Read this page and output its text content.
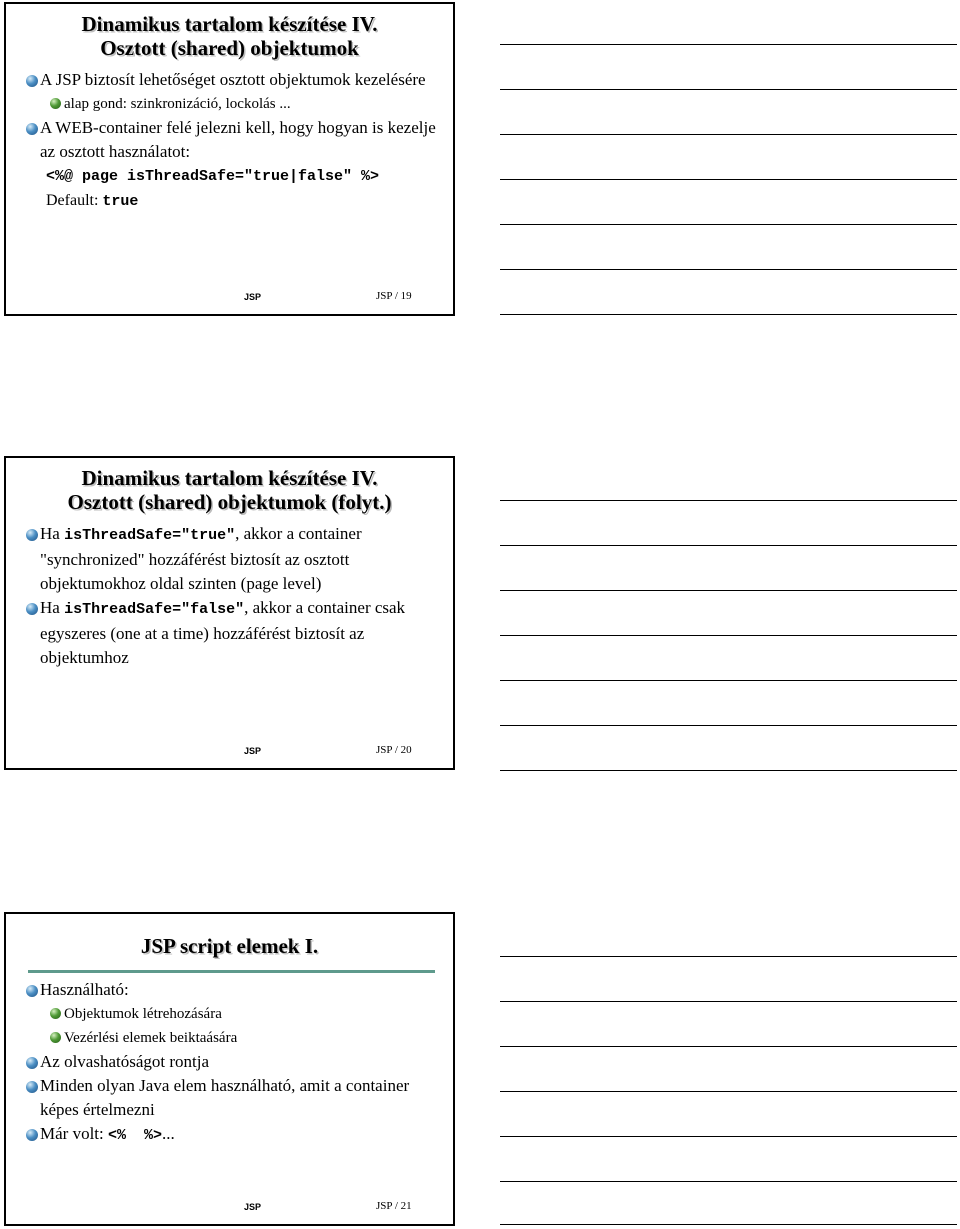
Dinamikus tartalom készítése IV.
Osztott (shared) objektumok
A JSP biztosít lehetőséget osztott objektumok kezelésére
alap gond: szinkronizáció, lockolás ...
A WEB-container felé jelezni kell, hogy hogyan is kezelje az osztott használatot:
<%@ page isThreadSafe="true|false" %>
Default: true
JSP	JSP / 19
Dinamikus tartalom készítése IV.
Osztott (shared) objektumok (folyt.)
Ha isThreadSafe="true", akkor a container "synchronized" hozzáférést biztosít az osztott objektumokhoz oldal szinten (page level)
Ha isThreadSafe="false", akkor a container csak egyszeres (one at a time) hozzáférést biztosít az objektumhoz
JSP	JSP / 20
JSP script elemek I.
Használható:
Objektumok létrehozására
Vezérlési elemek beiktaására
Az olvashatóságot rontja
Minden olyan Java elem használható, amit a container képes értelmezni
Már volt: <%  %>...
JSP	JSP / 21
